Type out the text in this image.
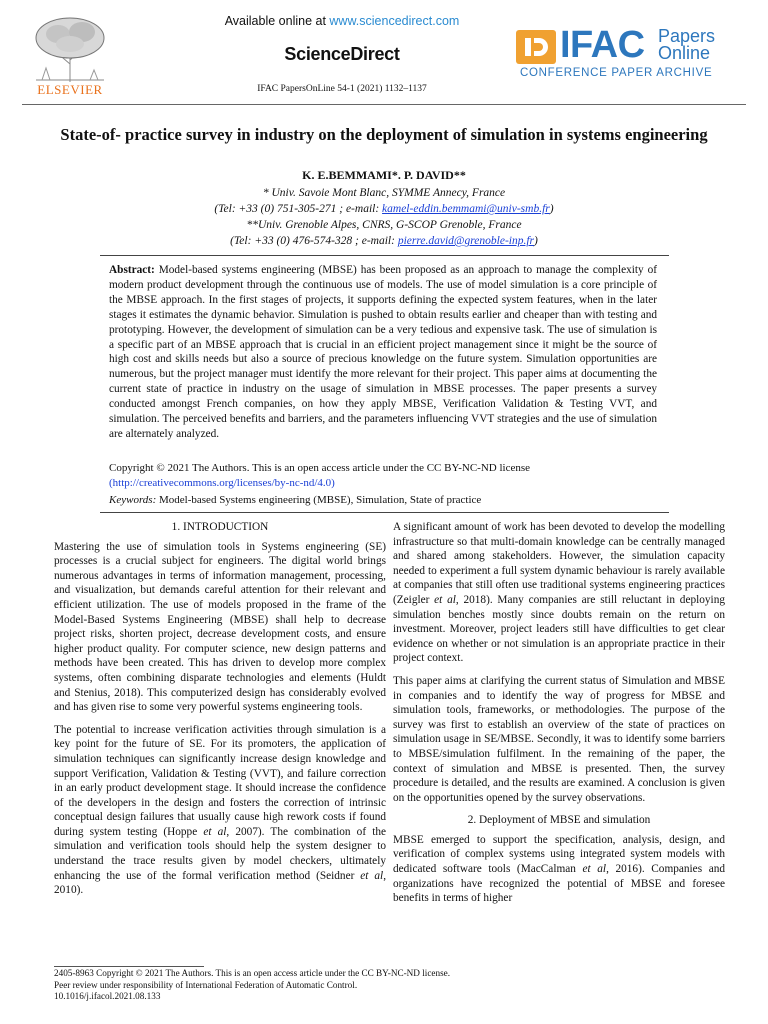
ELSEVIER
Available online at www.sciencedirect.com
ScienceDirect
IFAC PapersOnLine 54-1 (2021) 1132–1137
IFAC Papers
Online
CONFERENCE PAPER ARCHIVE
State-of- practice survey in industry on the deployment of simulation in systems engineering
K. E.BEMMAMI*. P. DAVID**
* Univ. Savoie Mont Blanc, SYMME Annecy, France
(Tel: +33 (0) 751-305-271 ; e-mail: kamel-eddin.bemmami@univ-smb.fr)
**Univ. Grenoble Alpes, CNRS, G-SCOP Grenoble, France
(Tel: +33 (0) 476-574-328 ; e-mail: pierre.david@grenoble-inp.fr)
Abstract: Model-based systems engineering (MBSE) has been proposed as an approach to manage the complexity of modern product development through the continuous use of models. The use of model simulation is a core principle of the MBSE approach. In the first stages of projects, it supports defining the expected system features, when in the later stages it estimates the dynamic behavior. Simulation is pushed to obtain results earlier and cheaper than with testing and prototyping. However, the development of simulation can be a very tedious and expensive task. The use of simulation is a specific part of an MBSE approach that is crucial in an efficient project management since it might be the source of high cost and skills needs but also a source of precious knowledge on the future system. Simulation opportunities are numerous, but the project manager must identify the more relevant for their project. This paper aims at documenting the current state of practice in industry on the usage of simulation in MBSE processes. The paper presents a survey conducted amongst French companies, on how they apply MBSE, Verification Validation & Testing VVT, and simulation. The perceived benefits and barriers, and the parameters influencing VVT strategies and the use of simulation are alternately analyzed.
Copyright © 2021 The Authors. This is an open access article under the CC BY-NC-ND license
(http://creativecommons.org/licenses/by-nc-nd/4.0)
Keywords: Model-based Systems engineering (MBSE), Simulation, State of practice
1. INTRODUCTION

Mastering the use of simulation tools in Systems engineering (SE) processes is a crucial subject for engineers. The digital world brings numerous advantages in terms of information management, processing, and visualization, but demands careful attention for their relevant and efficient utilization. The use of models proposed in the frame of the Model-Based Systems Engineering (MBSE) shall help to decrease project risks, shorten project, decrease development costs, and ensure higher product quality. For computer science, new design patterns and methods have been created. This has driven to develop more complex systems, often combining disparate technologies and elements (Huldt and Stenius, 2018). This computerized design has considerably evolved and has given rise to some very powerful systems engineering tools.

The potential to increase verification activities through simulation is a key point for the future of SE. For its promoters, the application of simulation techniques can significantly increase design knowledge and support Verification, Validation & Testing (VVT), and failure correction in an early product development stage. It should increase the confidence of the developers in the design and fosters the correction of intrinsic conceptual design failures that usually cause high rework costs if found during system testing (Hoppe et al, 2007). The combination of the simulation and verification tools should help the system designer to understand the trace results given by model checkers, ultimately enhancing the use of the formal verification method (Seidner et al, 2010).

A significant amount of work has been devoted to develop the modelling infrastructure so that multi-domain knowledge can be centrally managed and shared among stakeholders. However, the simulation capacity needed to experiment a full system dynamic behaviour is rarely available at companies that still often use traditional systems engineering practices (Zeigler et al, 2018). Many companies are still reluctant in deploying simulation benches mostly since doubts remain on the return on investment. Moreover, project leaders still have difficulties to get clear evidence on whether or not simulation is an appropriate practice in their project context.

This paper aims at clarifying the current status of Simulation and MBSE in companies and to identify the way of progress for MBSE and simulation tools, frameworks, or methodologies. The purpose of the survey was first to establish an overview of the state of practices on simulation usage in SE/MBSE. Secondly, it was to identify some barriers to MBSE/simulation fulfilment. In the remaining of the paper, the context of simulation and MBSE is presented. Then, the survey procedure is detailed, and the results are examined. A conclusion is given on the opportunities opened by the survey observations.

2. Deployment of MBSE and simulation

MBSE emerged to support the specification, analysis, design, and verification of complex systems using integrated system models with dedicated software tools (MacCalman et al, 2016). Companies and organizations have recognized the potential of MBSE and foresee benefits in terms of higher

2405-8963 Copyright © 2021 The Authors. This is an open access article under the CC BY-NC-ND license.
Peer review under responsibility of International Federation of Automatic Control.
10.1016/j.ifacol.2021.08.133
